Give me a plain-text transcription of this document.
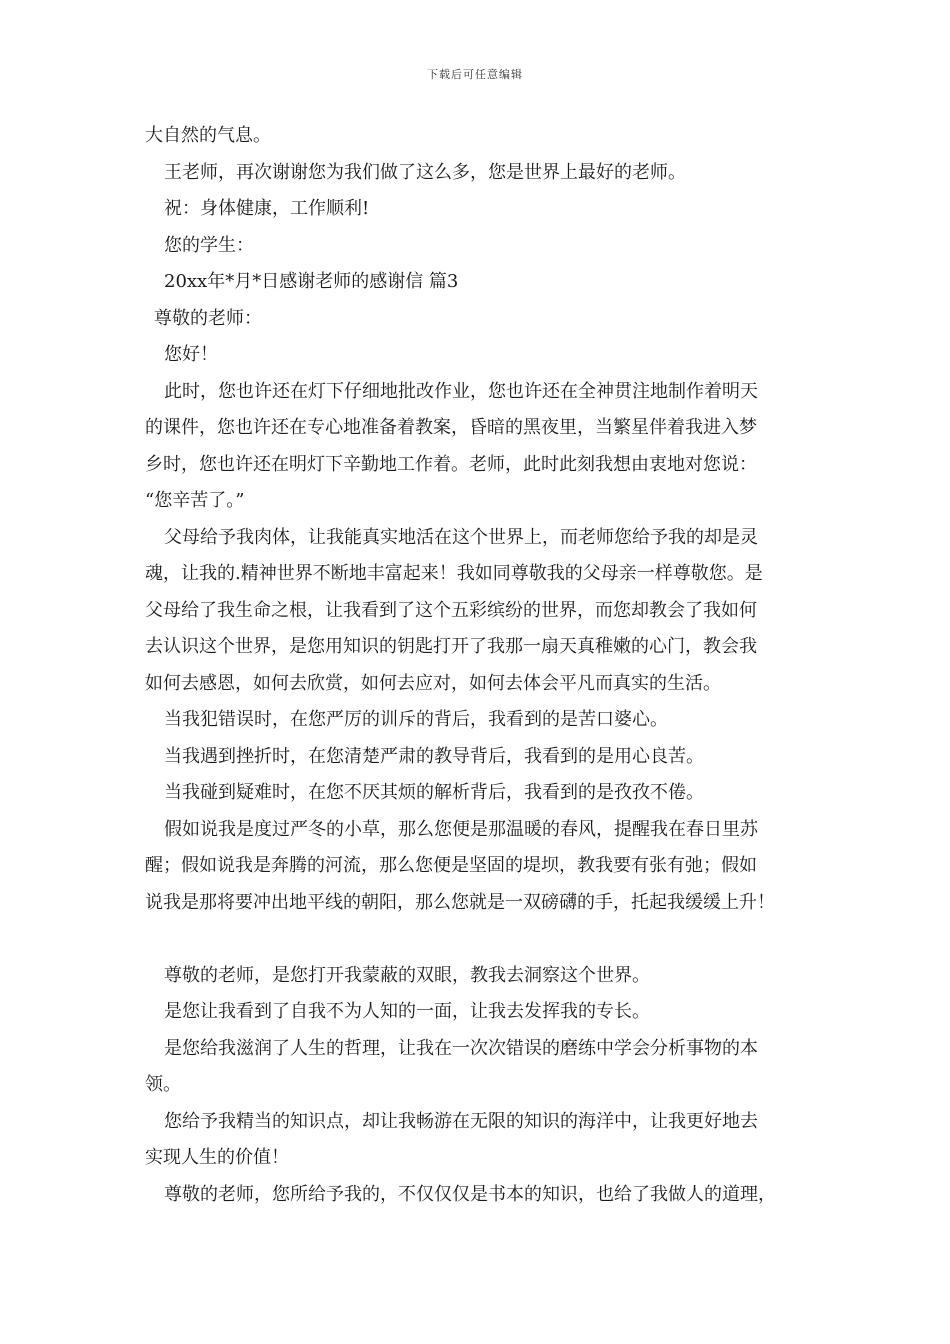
下载后可任意编辑

大自然的气息。

王老师，再次谢谢您为我们做了这么多，您是世界上最好的老师。

祝：身体健康，工作顺利!

您的学生：

20xx年*月*日感谢老师的感谢信 篇3

尊敬的老师：

您好！

此时，您也许还在灯下仔细地批改作业，您也许还在全神贯注地制作着明天

的课件，您也许还在专心地准备着教案，昏暗的黑夜里，当繁星伴着我进入梦

乡时，您也许还在明灯下辛勤地工作着。老师，此时此刻我想由衷地对您说：

“您辛苦了。”

父母给予我肉体，让我能真实地活在这个世界上，而老师您给予我的却是灵

魂，让我的.精神世界不断地丰富起来！我如同尊敬我的父母亲一样尊敬您。是

父母给了我生命之根，让我看到了这个五彩缤纷的世界，而您却教会了我如何

去认识这个世界，是您用知识的钥匙打开了我那一扇天真稚嫩的心门，教会我

如何去感恩，如何去欣赏，如何去应对，如何去体会平凡而真实的生活。

当我犯错误时，在您严厉的训斥的背后，我看到的是苦口婆心。

当我遇到挫折时，在您清楚严肃的教导背后，我看到的是用心良苦。

当我碰到疑难时，在您不厌其烦的解析背后，我看到的是孜孜不倦。

假如说我是度过严冬的小草，那么您便是那温暖的春风，提醒我在春日里苏

醒；假如说我是奔腾的河流，那么您便是坚固的堤坝，教我要有张有弛；假如

说我是那将要冲出地平线的朝阳，那么您就是一双磅礴的手，托起我缓缓上升！

尊敬的老师，是您打开我蒙蔽的双眼，教我去洞察这个世界。

是您让我看到了自我不为人知的一面，让我去发挥我的专长。

是您给我滋润了人生的哲理，让我在一次次错误的磨练中学会分析事物的本

领。

您给予我精当的知识点，却让我畅游在无限的知识的海洋中，让我更好地去

实现人生的价值！

尊敬的老师，您所给予我的，不仅仅仅是书本的知识，也给了我做人的道理，
